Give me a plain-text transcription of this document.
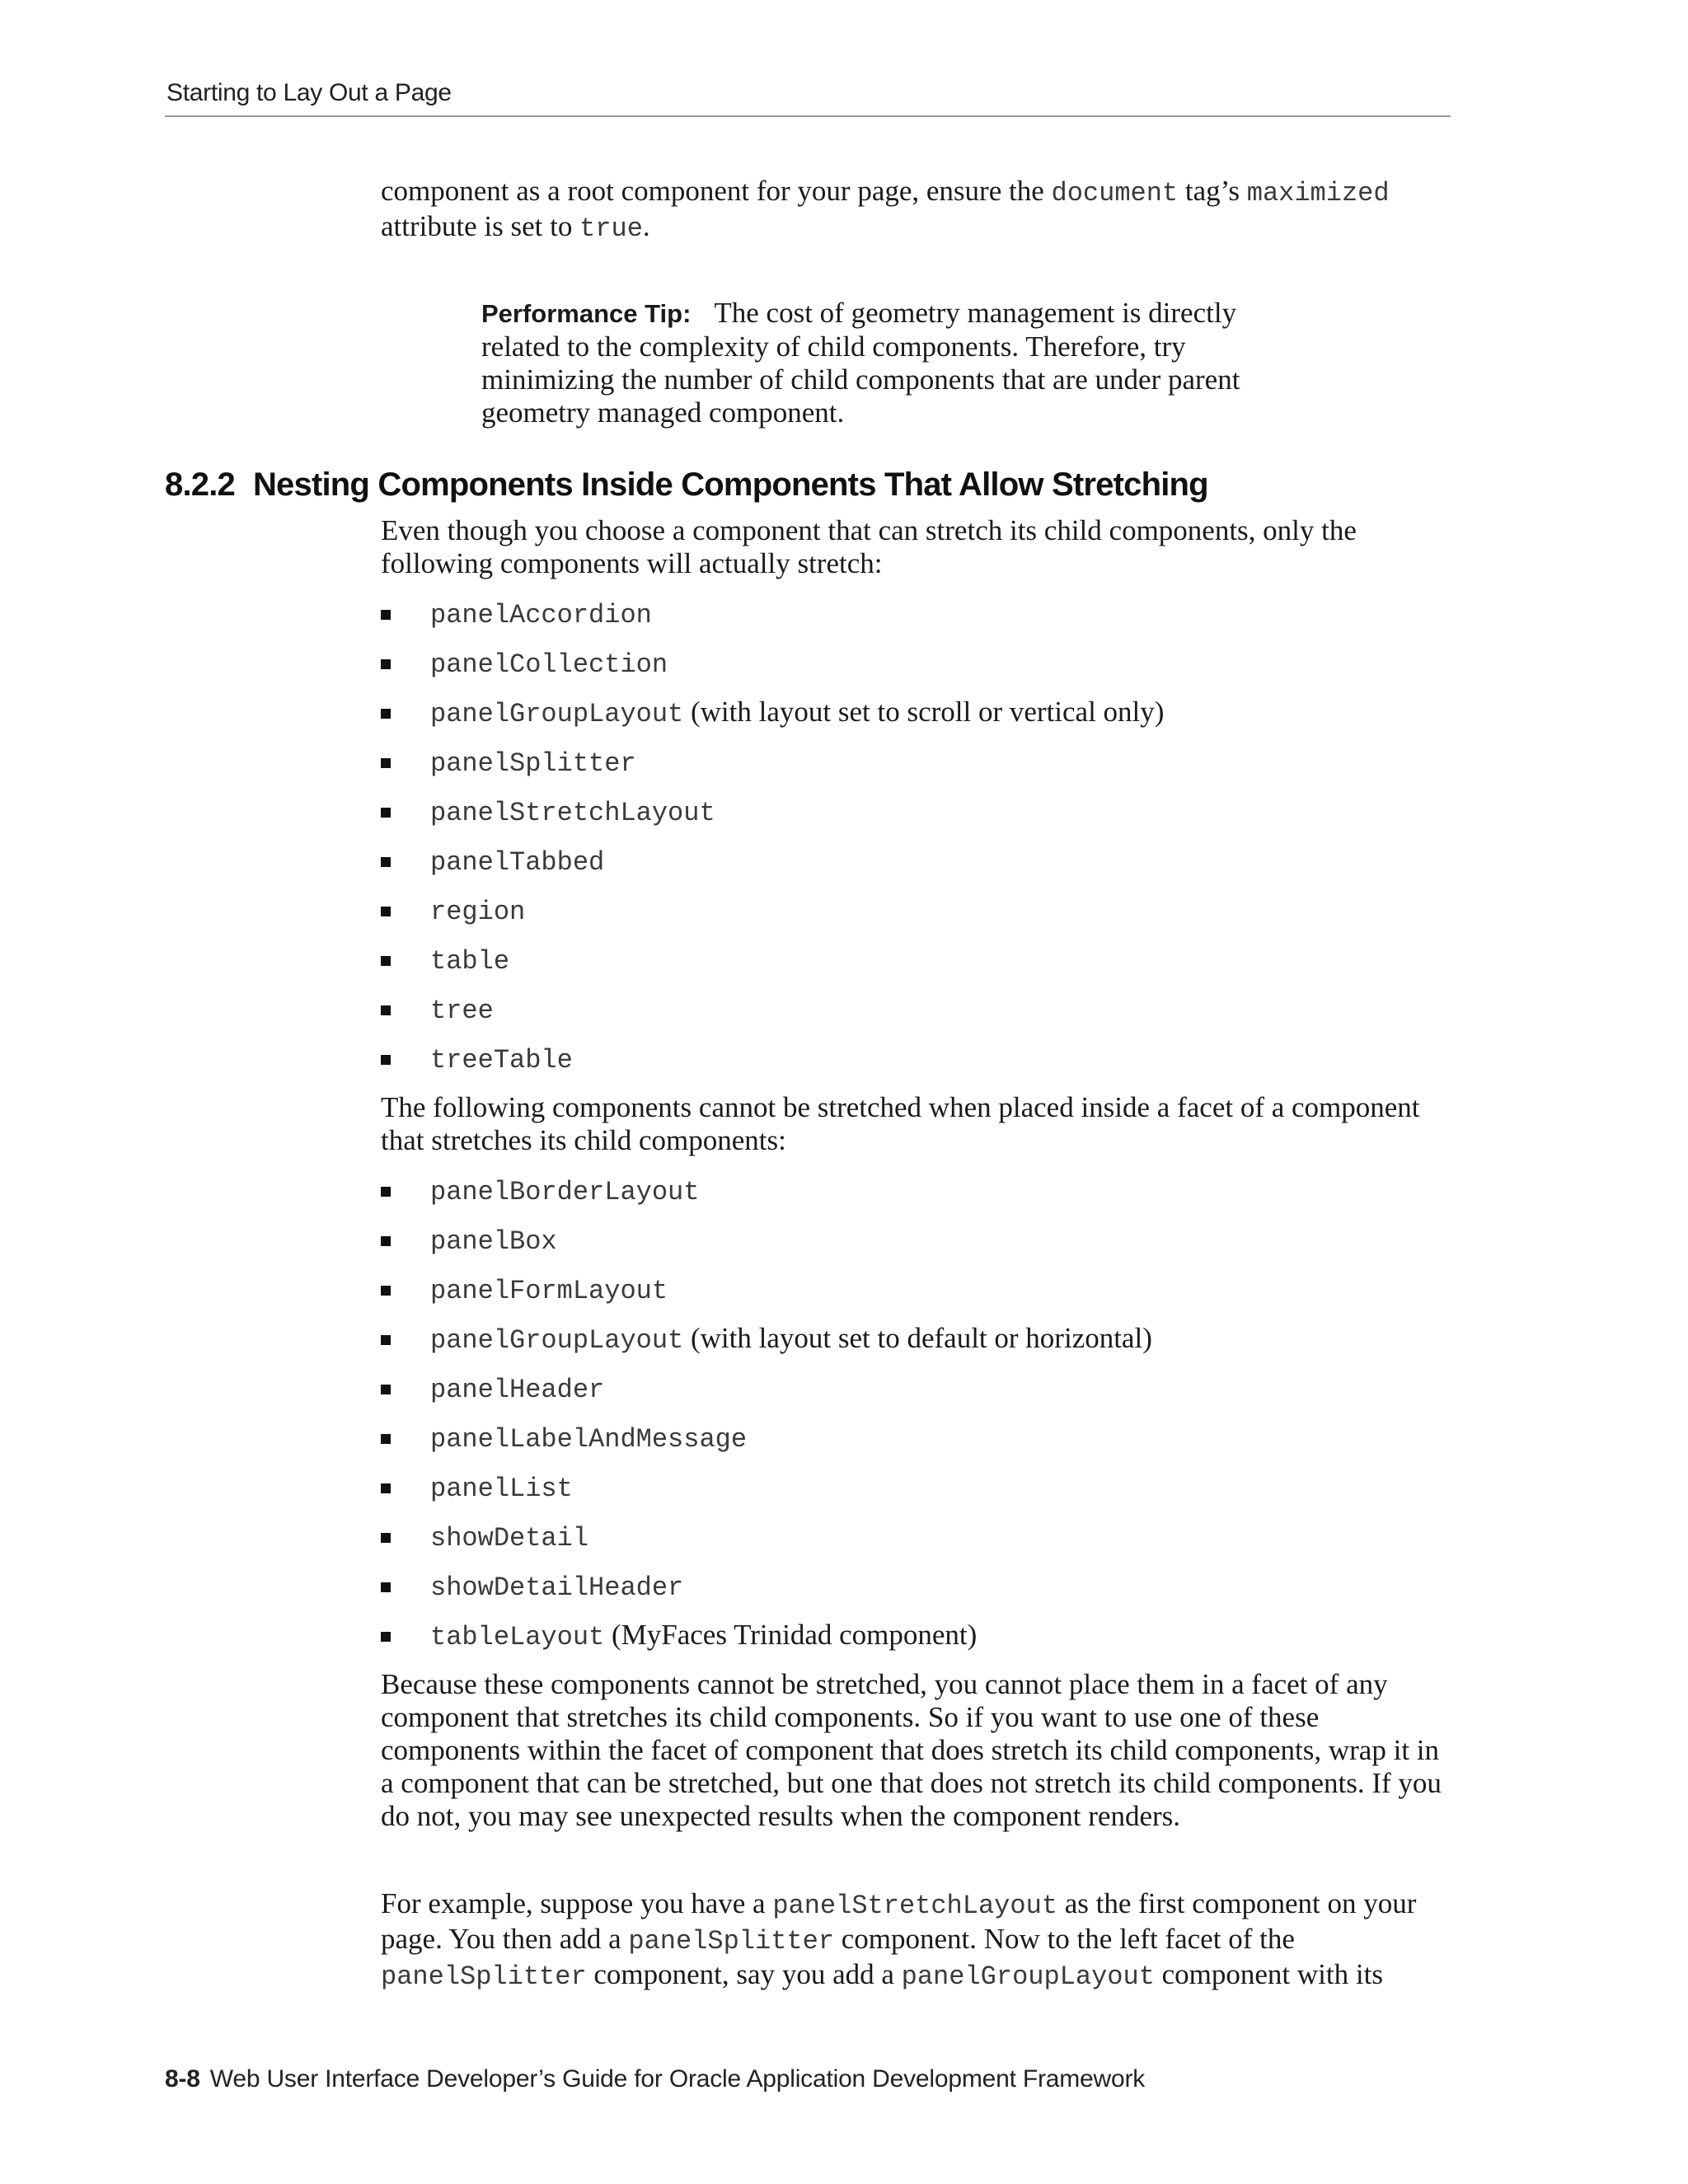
Starting to Lay Out a Page
component as a root component for your page, ensure the document tag’s maximized attribute is set to true.
Performance Tip: The cost of geometry management is directly related to the complexity of child components. Therefore, try minimizing the number of child components that are under parent geometry managed component.
8.2.2 Nesting Components Inside Components That Allow Stretching
Even though you choose a component that can stretch its child components, only the following components will actually stretch:
panelAccordion
panelCollection
panelGroupLayout (with layout set to scroll or vertical only)
panelSplitter
panelStretchLayout
panelTabbed
region
table
tree
treeTable
The following components cannot be stretched when placed inside a facet of a component that stretches its child components:
panelBorderLayout
panelBox
panelFormLayout
panelGroupLayout (with layout set to default or horizontal)
panelHeader
panelLabelAndMessage
panelList
showDetail
showDetailHeader
tableLayout (MyFaces Trinidad component)
Because these components cannot be stretched, you cannot place them in a facet of any component that stretches its child components. So if you want to use one of these components within the facet of component that does stretch its child components, wrap it in a component that can be stretched, but one that does not stretch its child components. If you do not, you may see unexpected results when the component renders.
For example, suppose you have a panelStretchLayout as the first component on your page. You then add a panelSplitter component. Now to the left facet of the panelSplitter component, say you add a panelGroupLayout component with its
8-8 Web User Interface Developer’s Guide for Oracle Application Development Framework
